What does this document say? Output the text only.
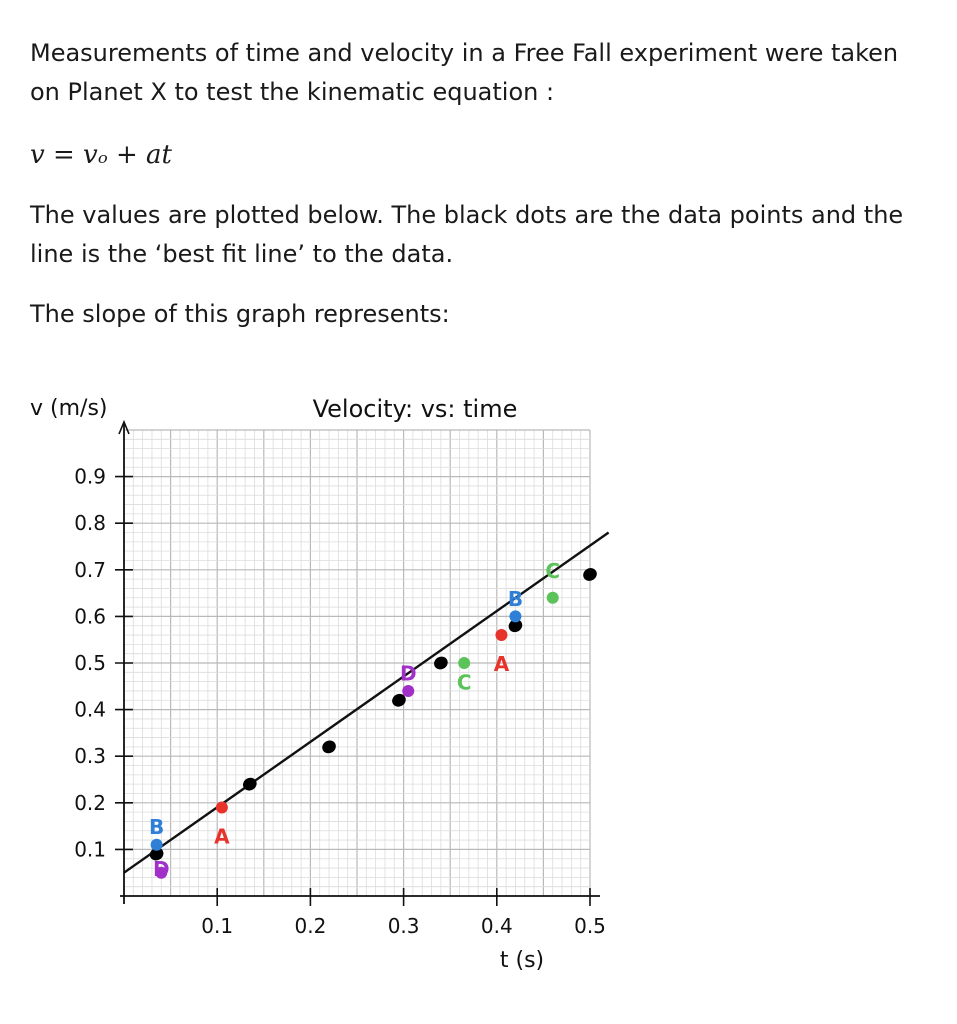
Measurements of time and velocity in a Free Fall experiment were taken on Planet X to test the kinematic equation :

v = vₒ + at

The values are plotted below. The black dots are the data points and the line is the ‘best fit line’ to the data.

The slope of this graph represents:

0.1
0.2
0.3
0.4
0.5
0.6
0.7
0.8
0.9
0.1	0.2	0.3	0.4	0.5
A
A
B
B
C
C
D
D
Velocity: vs: time
v (m/s)
t (s)
